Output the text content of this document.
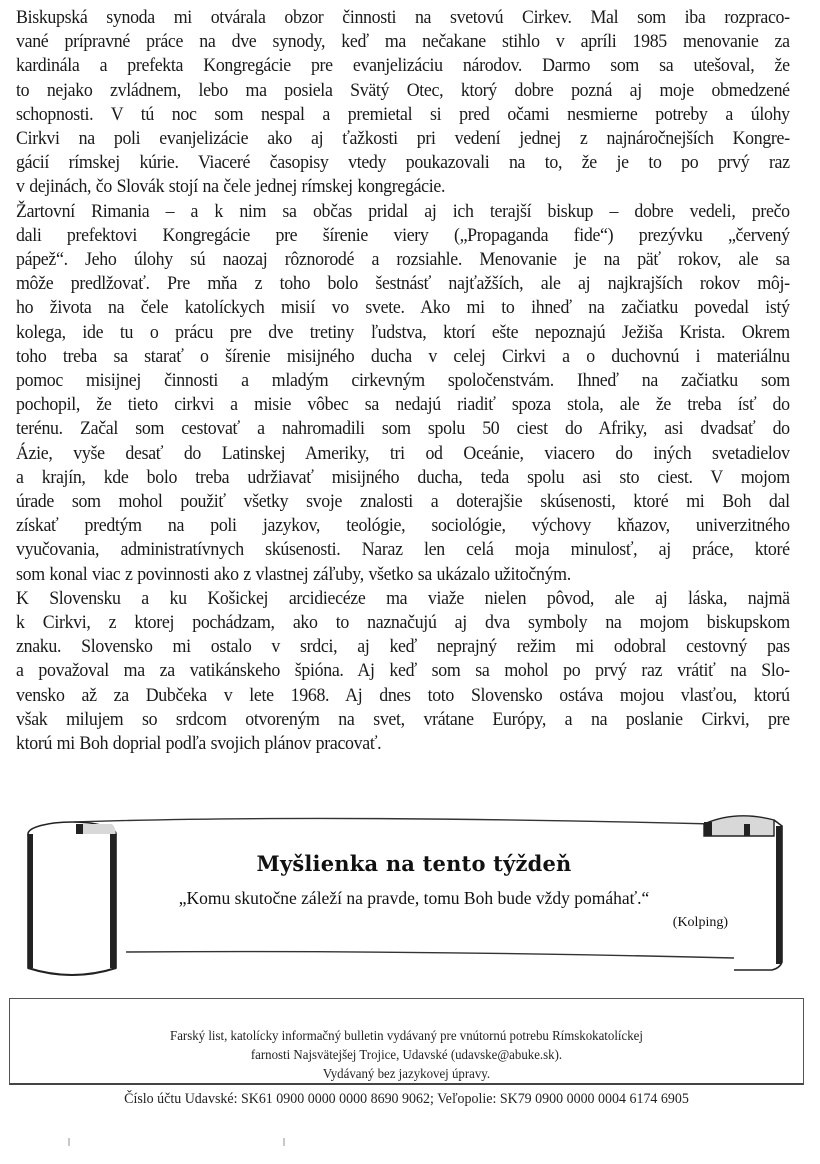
Biskupská synoda mi otvárala obzor činnosti na svetovú Cirkev. Mal som iba rozpraco-
vané prípravné práce na dve synody, keď ma nečakane stihlo v apríli 1985 menovanie za
kardinála a prefekta Kongregácie pre evanjelizáciu národov. Darmo som sa utešoval, že
to nejako zvládnem, lebo ma posiela Svätý Otec, ktorý dobre pozná aj moje obmedzené
schopnosti. V tú noc som nespal a premietal si pred očami nesmierne potreby a úlohy
Cirkvi na poli evanjelizácie ako aj ťažkosti pri vedení jednej z najnáročnejších Kongre-
gácií rímskej kúrie. Viaceré časopisy vtedy poukazovali na to, že je to po prvý raz
v dejinách, čo Slovák stojí na čele jednej rímskej kongregácie.

Žartovní Rimania – a k nim sa občas pridal aj ich terajší biskup – dobre vedeli, prečo
dali prefektovi Kongregácie pre šírenie viery („Propaganda fide“) prezývku „červený
pápež“. Jeho úlohy sú naozaj rôznorodé a rozsiahle. Menovanie je na päť rokov, ale sa
môže predlžovať. Pre mňa z toho bolo šestnásť najťažších, ale aj najkrajších rokov môj-
ho života na čele katolíckych misií vo svete. Ako mi to ihneď na začiatku povedal istý
kolega, ide tu o prácu pre dve tretiny ľudstva, ktorí ešte nepoznajú Ježiša Krista. Okrem
toho treba sa starať o šírenie misijného ducha v celej Cirkvi a o duchovnú i materiálnu
pomoc misijnej činnosti a mladým cirkevným spoločenstvám. Ihneď na začiatku som
pochopil, že tieto cirkvi a misie vôbec sa nedajú riadiť spoza stola, ale že treba ísť do
terénu. Začal som cestovať a nahromadili som spolu 50 ciest do Afriky, asi dvadsať do
Ázie, vyše desať do Latinskej Ameriky, tri od Oceánie, viacero do iných svetadielov
a krajín, kde bolo treba udržiavať misijného ducha, teda spolu asi sto ciest. V mojom
úrade som mohol použiť všetky svoje znalosti a doterajšie skúsenosti, ktoré mi Boh dal
získať predtým na poli jazykov, teológie, sociológie, výchovy kňazov, univerzitného
vyučovania, administratívnych skúsenosti. Naraz len celá moja minulosť, aj práce, ktoré
som konal viac z povinnosti ako z vlastnej záľuby, všetko sa ukázalo užitočným.

K Slovensku a ku Košickej arcidiecéze ma viaže nielen pôvod, ale aj láska, najmä
k Cirkvi, z ktorej pochádzam, ako to naznačujú aj dva symboly na mojom biskupskom
znaku. Slovensko mi ostalo v srdci, aj keď neprajný režim mi odobral cestovný pas
a považoval ma za vatikánskeho špióna. Aj keď som sa mohol po prvý raz vrátiť na Slo-
vensko až za Dubčeka v lete 1968. Aj dnes toto Slovensko ostáva mojou vlasťou, ktorú
však milujem so srdcom otvoreným na svet, vrátane Európy, a na poslanie Cirkvi, pre
ktorú mi Boh doprial podľa svojich plánov pracovať.

Myšlienka na tento týždeň
„Komu skutočne záleží na pravde, tomu Boh bude vždy pomáhať.“
(Kolping)
Farský list, katolícky informačný bulletin vydávaný pre vnútornú potrebu Rímskokatolíckej
farnosti Najsvätejšej Trojice, Udavské (udavske@abuke.sk).
Vydávaný bez jazykovej úpravy.
Číslo účtu Udavské: SK61 0900 0000 0000 8690 9062; Veľopolie: SK79 0900 0000 0004 6174 6905
